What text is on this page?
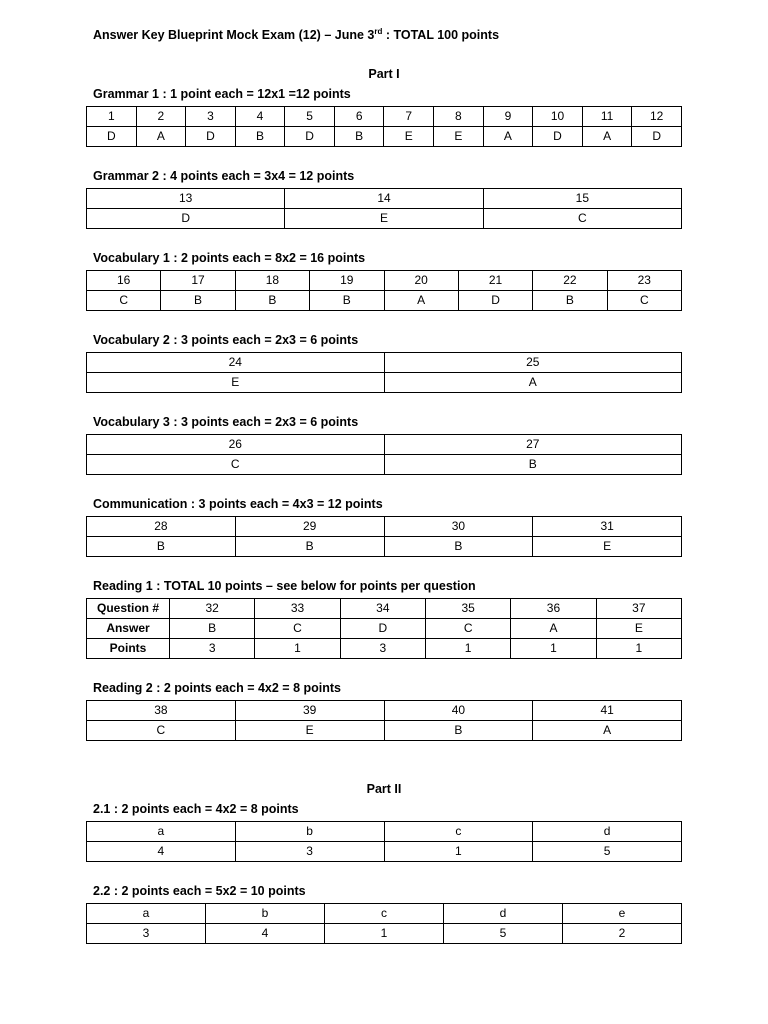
Answer Key Blueprint Mock Exam (12) – June 3rd : TOTAL 100 points
Part I
Grammar 1 : 1 point each = 12x1 =12 points
1	2	3	4	5	6	7	8	9	10	11	12
D	A	D	B	D	B	E	E	A	D	A	D
Grammar 2 : 4 points each = 3x4 = 12 points
13	14	15
D	E	C
Vocabulary 1 : 2 points each = 8x2 = 16 points
16	17	18	19	20	21	22	23
C	B	B	B	A	D	B	C
Vocabulary 2 : 3 points each = 2x3 = 6 points
24	25
E	A
Vocabulary 3 : 3 points each = 2x3 = 6 points
26	27
C	B
Communication : 3 points each = 4x3 = 12 points
28	29	30	31
B	B	B	E
Reading 1 : TOTAL 10 points – see below for points per question
Question #	32	33	34	35	36	37
Answer	B	C	D	C	A	E
Points	3	1	3	1	1	1
Reading 2 : 2 points each = 4x2 = 8 points
38	39	40	41
C	E	B	A
Part II
2.1 : 2 points each = 4x2 = 8 points
a	b	c	d
4	3	1	5
2.2 : 2 points each = 5x2 = 10 points
a	b	c	d	e
3	4	1	5	2
